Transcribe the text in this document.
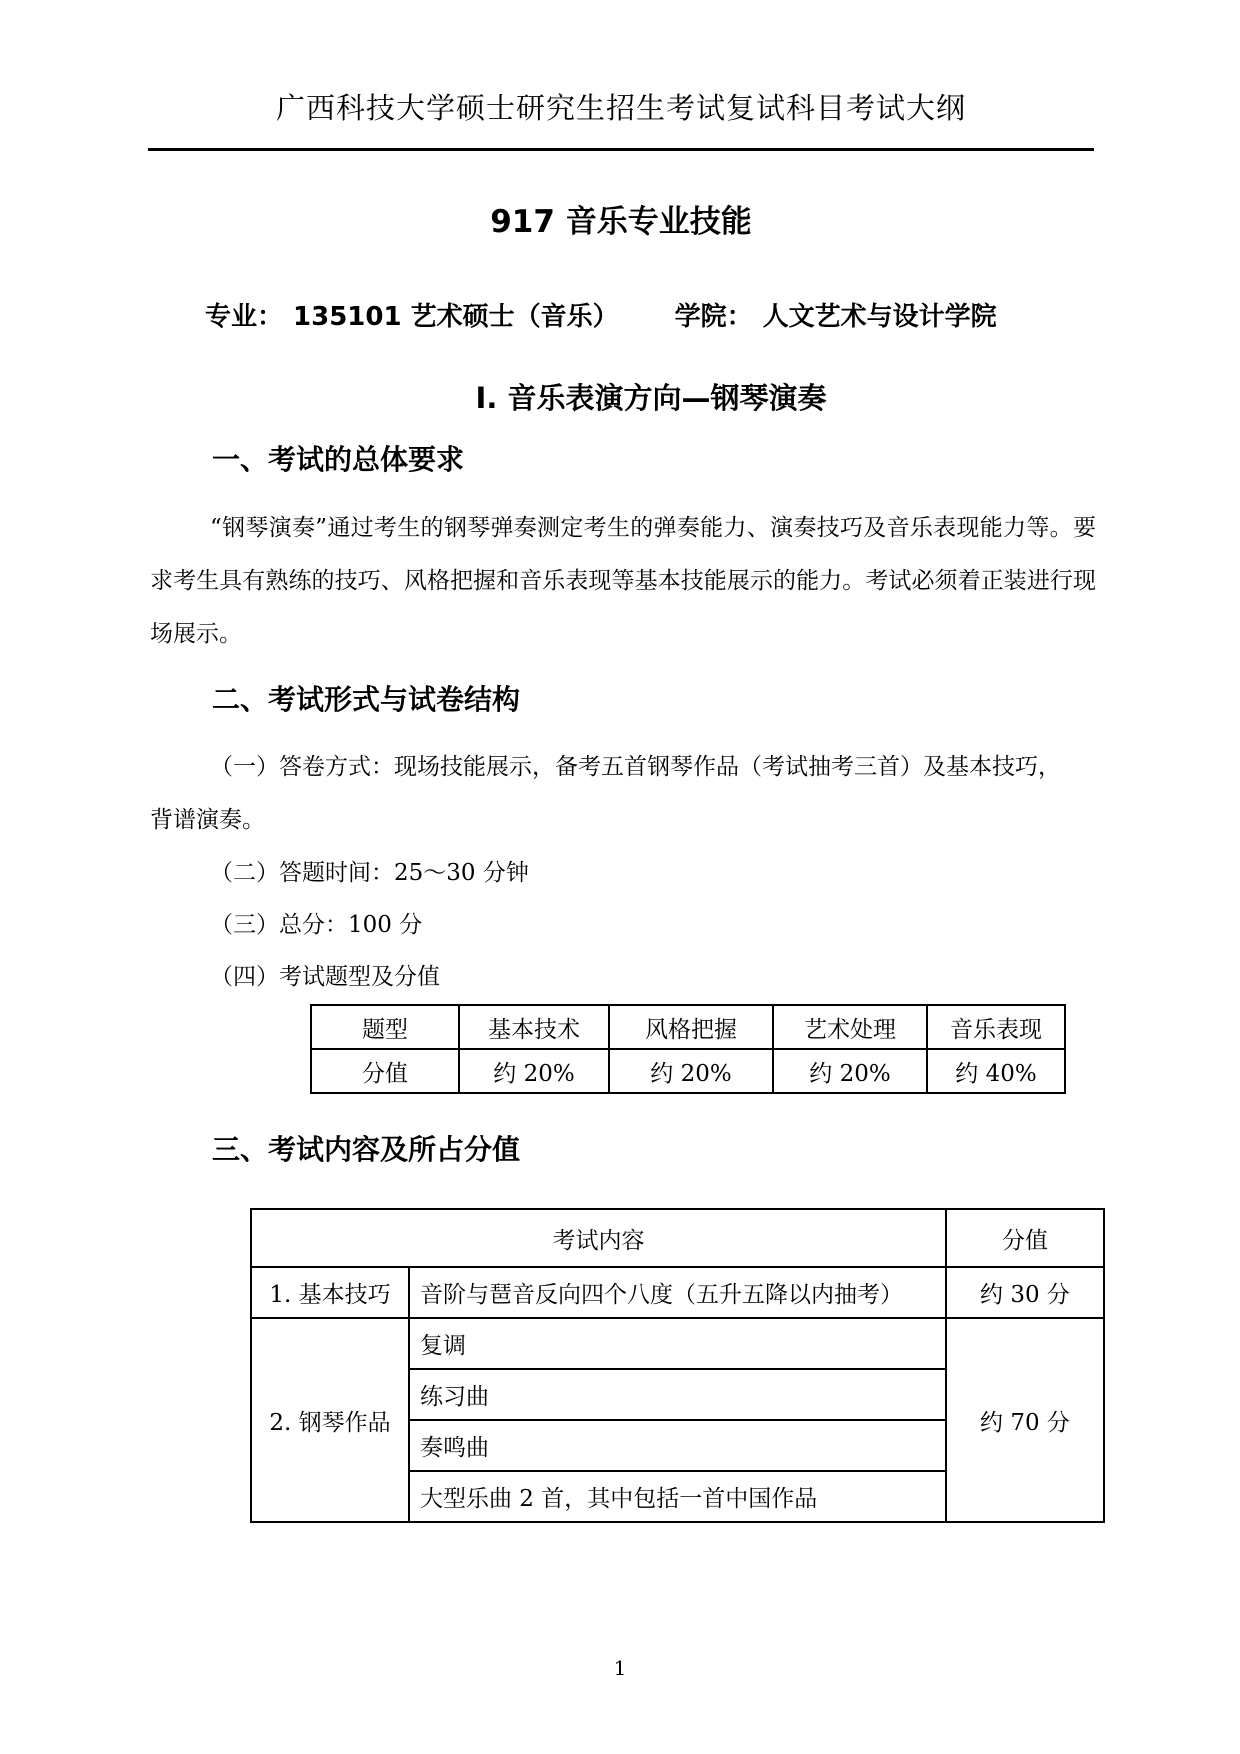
广西科技大学硕士研究生招生考试复试科目考试大纲
917 音乐专业技能
专业： 135101 艺术硕士（音乐） 学院： 人文艺术与设计学院
Ⅰ. 音乐表演方向—钢琴演奏
一、考试的总体要求
“钢琴演奏”通过考生的钢琴弹奏测定考生的弹奏能力、演奏技巧及音乐表现能力等。要求考生具有熟练的技巧、风格把握和音乐表现等基本技能展示的能力。考试必须着正装进行现场展示。
二、考试形式与试卷结构
（一）答卷方式：现场技能展示，备考五首钢琴作品（考试抽考三首）及基本技巧，
背谱演奏。
（二）答题时间：25～30 分钟
（三）总分：100 分
（四）考试题型及分值
题型	基本技术	风格把握	艺术处理	音乐表现
分值	约 20%	约 20%	约 20%	约 40%
三、考试内容及所占分值
考试内容		分值
1. 基本技巧	音阶与琶音反向四个八度（五升五降以内抽考）	约 30 分
2. 钢琴作品	复调	约 70 分
	练习曲	
	奏鸣曲	
	大型乐曲 2 首，其中包括一首中国作品	
1
